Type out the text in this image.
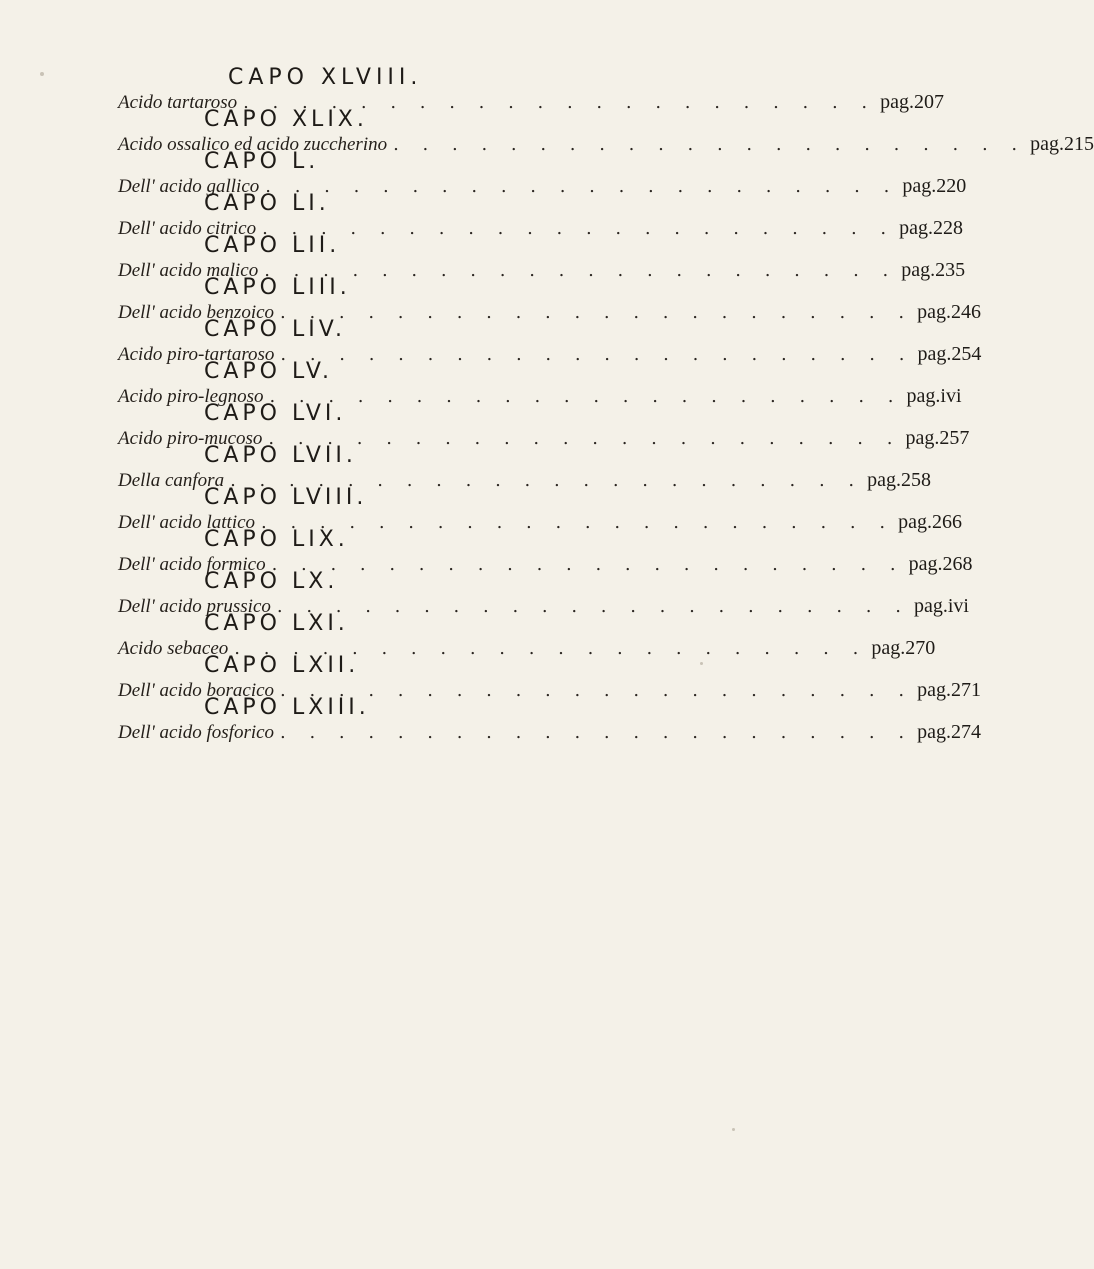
CAPO XLVIII.
Acido tartaroso . . . . . . . . . . . . . . . . . . . . . . pag. 207
CAPO XLIX.
Acido ossalico ed acido zuccherino . . . . . . . . . . . . . . . . . . . . . . pag. 215
CAPO L.
Dell' acido gallico . . . . . . . . . . . . . . . . . . . . . . pag. 220
CAPO LI.
Dell' acido citrico . . . . . . . . . . . . . . . . . . . . . . pag. 228
CAPO LII.
Dell' acido malico . . . . . . . . . . . . . . . . . . . . . . pag. 235
CAPO LIII.
Dell' acido benzoico . . . . . . . . . . . . . . . . . . . . . . pag. 246
CAPO LIV.
Acido piro-tartaroso . . . . . . . . . . . . . . . . . . . . . . pag. 254
CAPO LV.
Acido piro-legnoso . . . . . . . . . . . . . . . . . . . . . . pag. ivi
CAPO LVI.
Acido piro-mucoso . . . . . . . . . . . . . . . . . . . . . . pag. 257
CAPO LVII.
Della canfora . . . . . . . . . . . . . . . . . . . . . . pag. 258
CAPO LVIII.
Dell' acido lattico . . . . . . . . . . . . . . . . . . . . . . pag. 266
CAPO LIX.
Dell' acido formico . . . . . . . . . . . . . . . . . . . . . . pag. 268
CAPO LX.
Dell' acido prussico . . . . . . . . . . . . . . . . . . . . . . pag. ivi
CAPO LXI.
Acido sebaceo . . . . . . . . . . . . . . . . . . . . . . pag. 270
CAPO LXII.
Dell' acido boracico . . . . . . . . . . . . . . . . . . . . . . pag. 271
CAPO LXIII.
Dell' acido fosforico . . . . . . . . . . . . . . . . . . . . . . pag. 274
